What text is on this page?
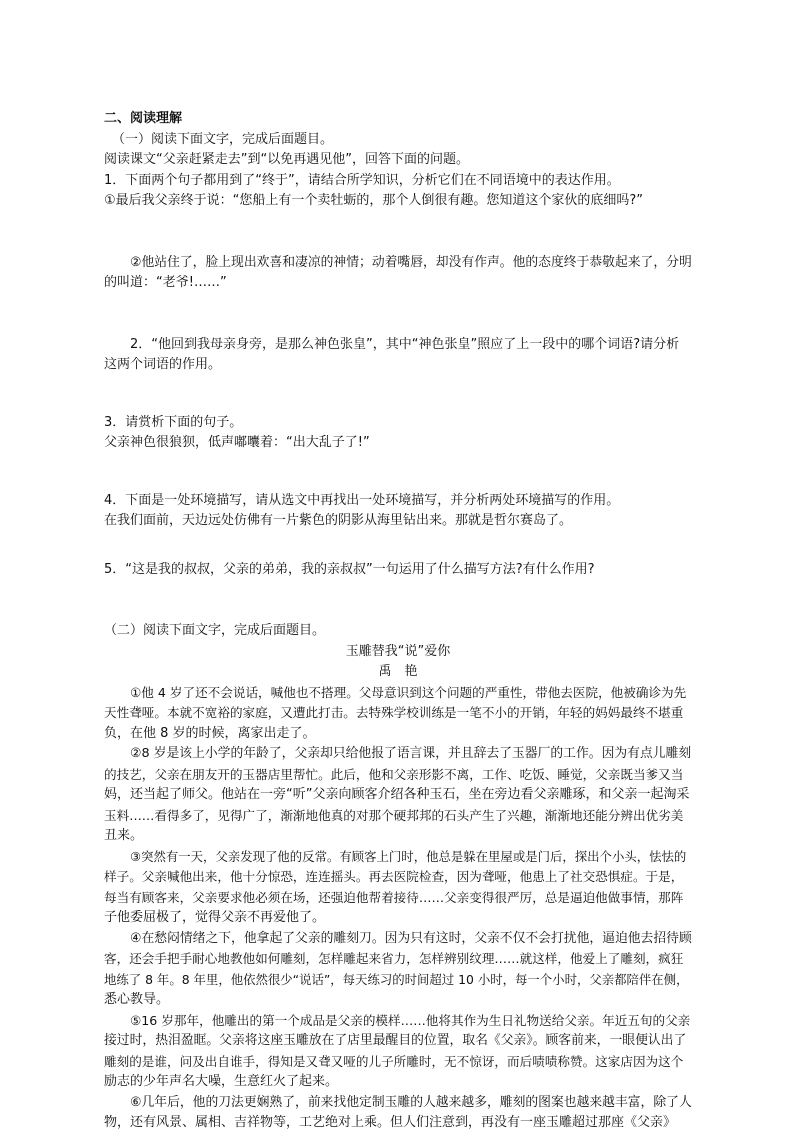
二、阅读理解

（一）阅读下面文字，完成后面题目。

阅读课文“父亲赶紧走去”到“以免再遇见他”，回答下面的问题。

1．下面两个句子都用到了“终于”，请结合所学知识，分析它们在不同语境中的表达作用。

①最后我父亲终于说：“您船上有一个卖牡蛎的，那个人倒很有趣。您知道这个家伙的底细吗?”

②他站住了，脸上现出欢喜和凄凉的神情；动着嘴唇，却没有作声。他的态度终于恭敬起来了，分明

的叫道：“老爷!……”

2．“他回到我母亲身旁，是那么神色张皇”，其中“神色张皇”照应了上一段中的哪个词语?请分析

这两个词语的作用。

3．请赏析下面的句子。

父亲神色很狼狈，低声嘟囔着：“出大乱子了!”

4．下面是一处环境描写，请从选文中再找出一处环境描写，并分析两处环境描写的作用。

在我们面前，天边远处仿佛有一片紫色的阴影从海里钻出来。那就是哲尔赛岛了。

5．“这是我的叔叔，父亲的弟弟，我的亲叔叔”一句运用了什么描写方法?有什么作用?

（二）阅读下面文字，完成后面题目。

玉雕替我“说”爱你

禹　艳

①他 4 岁了还不会说话，喊他也不搭理。父母意识到这个问题的严重性，带他去医院，他被确诊为先

天性聋哑。本就不宽裕的家庭，又遭此打击。去特殊学校训练是一笔不小的开销，年轻的妈妈最终不堪重

负，在他 8 岁的时候，离家出走了。

②8 岁是该上小学的年龄了，父亲却只给他报了语言课，并且辞去了玉器厂的工作。因为有点儿雕刻

的技艺，父亲在朋友开的玉器店里帮忙。此后，他和父亲形影不离，工作、吃饭、睡觉，父亲既当爹又当

妈，还当起了师父。他站在一旁“听”父亲向顾客介绍各种玉石，坐在旁边看父亲雕琢，和父亲一起淘采

玉料……看得多了，见得广了，渐渐地他真的对那个硬邦邦的石头产生了兴趣，渐渐地还能分辨出优劣美

丑来。

③突然有一天，父亲发现了他的反常。有顾客上门时，他总是躲在里屋或是门后，探出个小头，怯怯的

样子。父亲喊他出来，他十分惊恐，连连摇头。再去医院检查，因为聋哑，他患上了社交恐惧症。于是，

每当有顾客来，父亲要求他必须在场，还强迫他帮着接待……父亲变得很严厉，总是逼迫他做事情，那阵

子他委屈极了，觉得父亲不再爱他了。

④在愁闷情绪之下，他拿起了父亲的雕刻刀。因为只有这时，父亲不仅不会打扰他，逼迫他去招待顾

客，还会手把手耐心地教他如何雕刻，怎样雕起来省力，怎样辨别纹理……就这样，他爱上了雕刻，疯狂

地练了 8 年。8 年里，他依然很少“说话”，每天练习的时间超过 10 小时，每一个小时，父亲都陪伴在侧，

悉心教导。

⑤16 岁那年，他雕出的第一个成品是父亲的模样……他将其作为生日礼物送给父亲。年近五旬的父亲

接过时，热泪盈眶。父亲将这座玉雕放在了店里最醒目的位置，取名《父亲》。顾客前来，一眼便认出了

雕刻的是谁，问及出自谁手，得知是又聋又哑的儿子所雕时，无不惊讶，而后啧啧称赞。这家店因为这个

励志的少年声名大噪，生意红火了起来。

⑥几年后，他的刀法更娴熟了，前来找他定制玉雕的人越来越多，雕刻的图案也越来越丰富，除了人

物，还有风景、属相、吉祥物等，工艺绝对上乘。但人们注意到，再没有一座玉雕超过那座《父亲》
